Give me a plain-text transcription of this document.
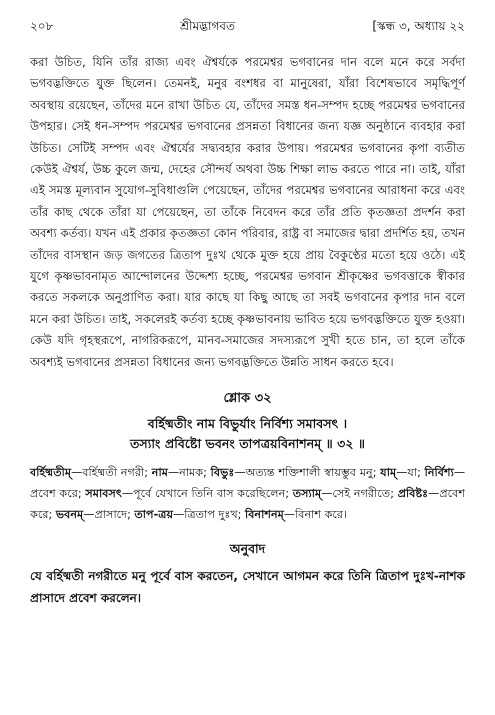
২০৮	শ্রীমদ্ভাগবত	[স্কন্ধ ৩, অধ্যায় ২২

করা উচিত, যিনি তাঁর রাজ্য এবং ঐশ্বর্যকে পরমেশ্বর ভগবানের দান বলে মনে করে সর্বদা ভগবদ্ভক্তিতে যুক্ত ছিলেন। তেমনই, মনুর বংশধর বা মানুষেরা, যাঁরা বিশেষভাবে সমৃদ্ধিপূর্ণ অবস্থায় রয়েছেন, তাঁদের মনে রাখা উচিত যে, তাঁদের সমস্ত ধন-সম্পদ হচ্ছে পরমেশ্বর ভগবানের উপহার। সেই ধন-সম্পদ পরমেশ্বর ভগবানের প্রসন্নতা বিধানের জন্য যজ্ঞ অনুষ্ঠানে ব্যবহার করা উচিত। সেটিই সম্পদ এবং ঐশ্বর্যের সদ্ব্যবহার করার উপায়। পরমেশ্বর ভগবানের কৃপা ব্যতীত কেউই ঐশ্বর্য, উচ্চ কুলে জন্ম, দেহের সৌন্দর্য অথবা উচ্চ শিক্ষা লাভ করতে পারে না। তাই, যাঁরা এই সমস্ত মূল্যবান সুযোগ-সুবিধাগুলি পেয়েছেন, তাঁদের পরমেশ্বর ভগবানের আরাধনা করে এবং তাঁর কাছ থেকে তাঁরা যা পেয়েছেন, তা তাঁকে নিবেদন করে তাঁর প্রতি কৃতজ্ঞতা প্রদর্শন করা অবশ্য কর্তব্য। যখন এই প্রকার কৃতজ্ঞতা কোন পরিবার, রাষ্ট্র বা সমাজের দ্বারা প্রদর্শিত হয়, তখন তাঁদের বাসস্থান জড় জগতের ত্রিতাপ দুঃখ থেকে মুক্ত হয়ে প্রায় বৈকুণ্ঠের মতো হয়ে ওঠে। এই যুগে কৃষ্ণভাবনামৃত আন্দোলনের উদ্দেশ্য হচ্ছে, পরমেশ্বর ভগবান শ্রীকৃষ্ণের ভগবত্তাকে স্বীকার করতে সকলকে অনুপ্রাণিত করা। যার কাছে যা কিছু আছে তা সবই ভগবানের কৃপার দান বলে মনে করা উচিত। তাই, সকলেরই কর্তব্য হচ্ছে কৃষ্ণভাবনায় ভাবিত হয়ে ভগবদ্ভক্তিতে যুক্ত হওয়া। কেউ যদি গৃহস্থরূপে, নাগরিকরূপে, মানব-সমাজের সদস্যরূপে সুখী হতে চান, তা হলে তাঁকে অবশ্যই ভগবানের প্রসন্নতা বিধানের জন্য ভগবদ্ভক্তিতে উন্নতি সাধন করতে হবে।

শ্লোক ৩২
বর্হিষ্মতীং নাম বিভুর্যাং নির্বিশ্য সমাবসৎ ।
তস্যাং প্রবিষ্টো ভবনং তাপত্রয়বিনাশনম্‌ ॥ ৩২ ॥
বর্হিষ্মতীম্—বর্হিষ্মতী নগরী; নাম—নামক; বিভুঃ—অত্যন্ত শক্তিশালী স্বায়ম্ভুব মনু; যাম্—যা; নির্বিশ্য—প্রবেশ করে; সমাবসৎ—পূর্বে যেখানে তিনি বাস করেছিলেন; তস্যাম্—সেই নগরীতে; প্রবিষ্টঃ—প্রবেশ করে; ভবনম্—প্রাসাদে; তাপ-ত্রয়—ত্রিতাপ দুঃখ; বিনাশনম্—বিনাশ করে।
অনুবাদ
যে বর্হিষ্মতী নগরীতে মনু পূর্বে বাস করতেন, সেখানে আগমন করে তিনি ত্রিতাপ দুঃখ-নাশক প্রাসাদে প্রবেশ করলেন।
